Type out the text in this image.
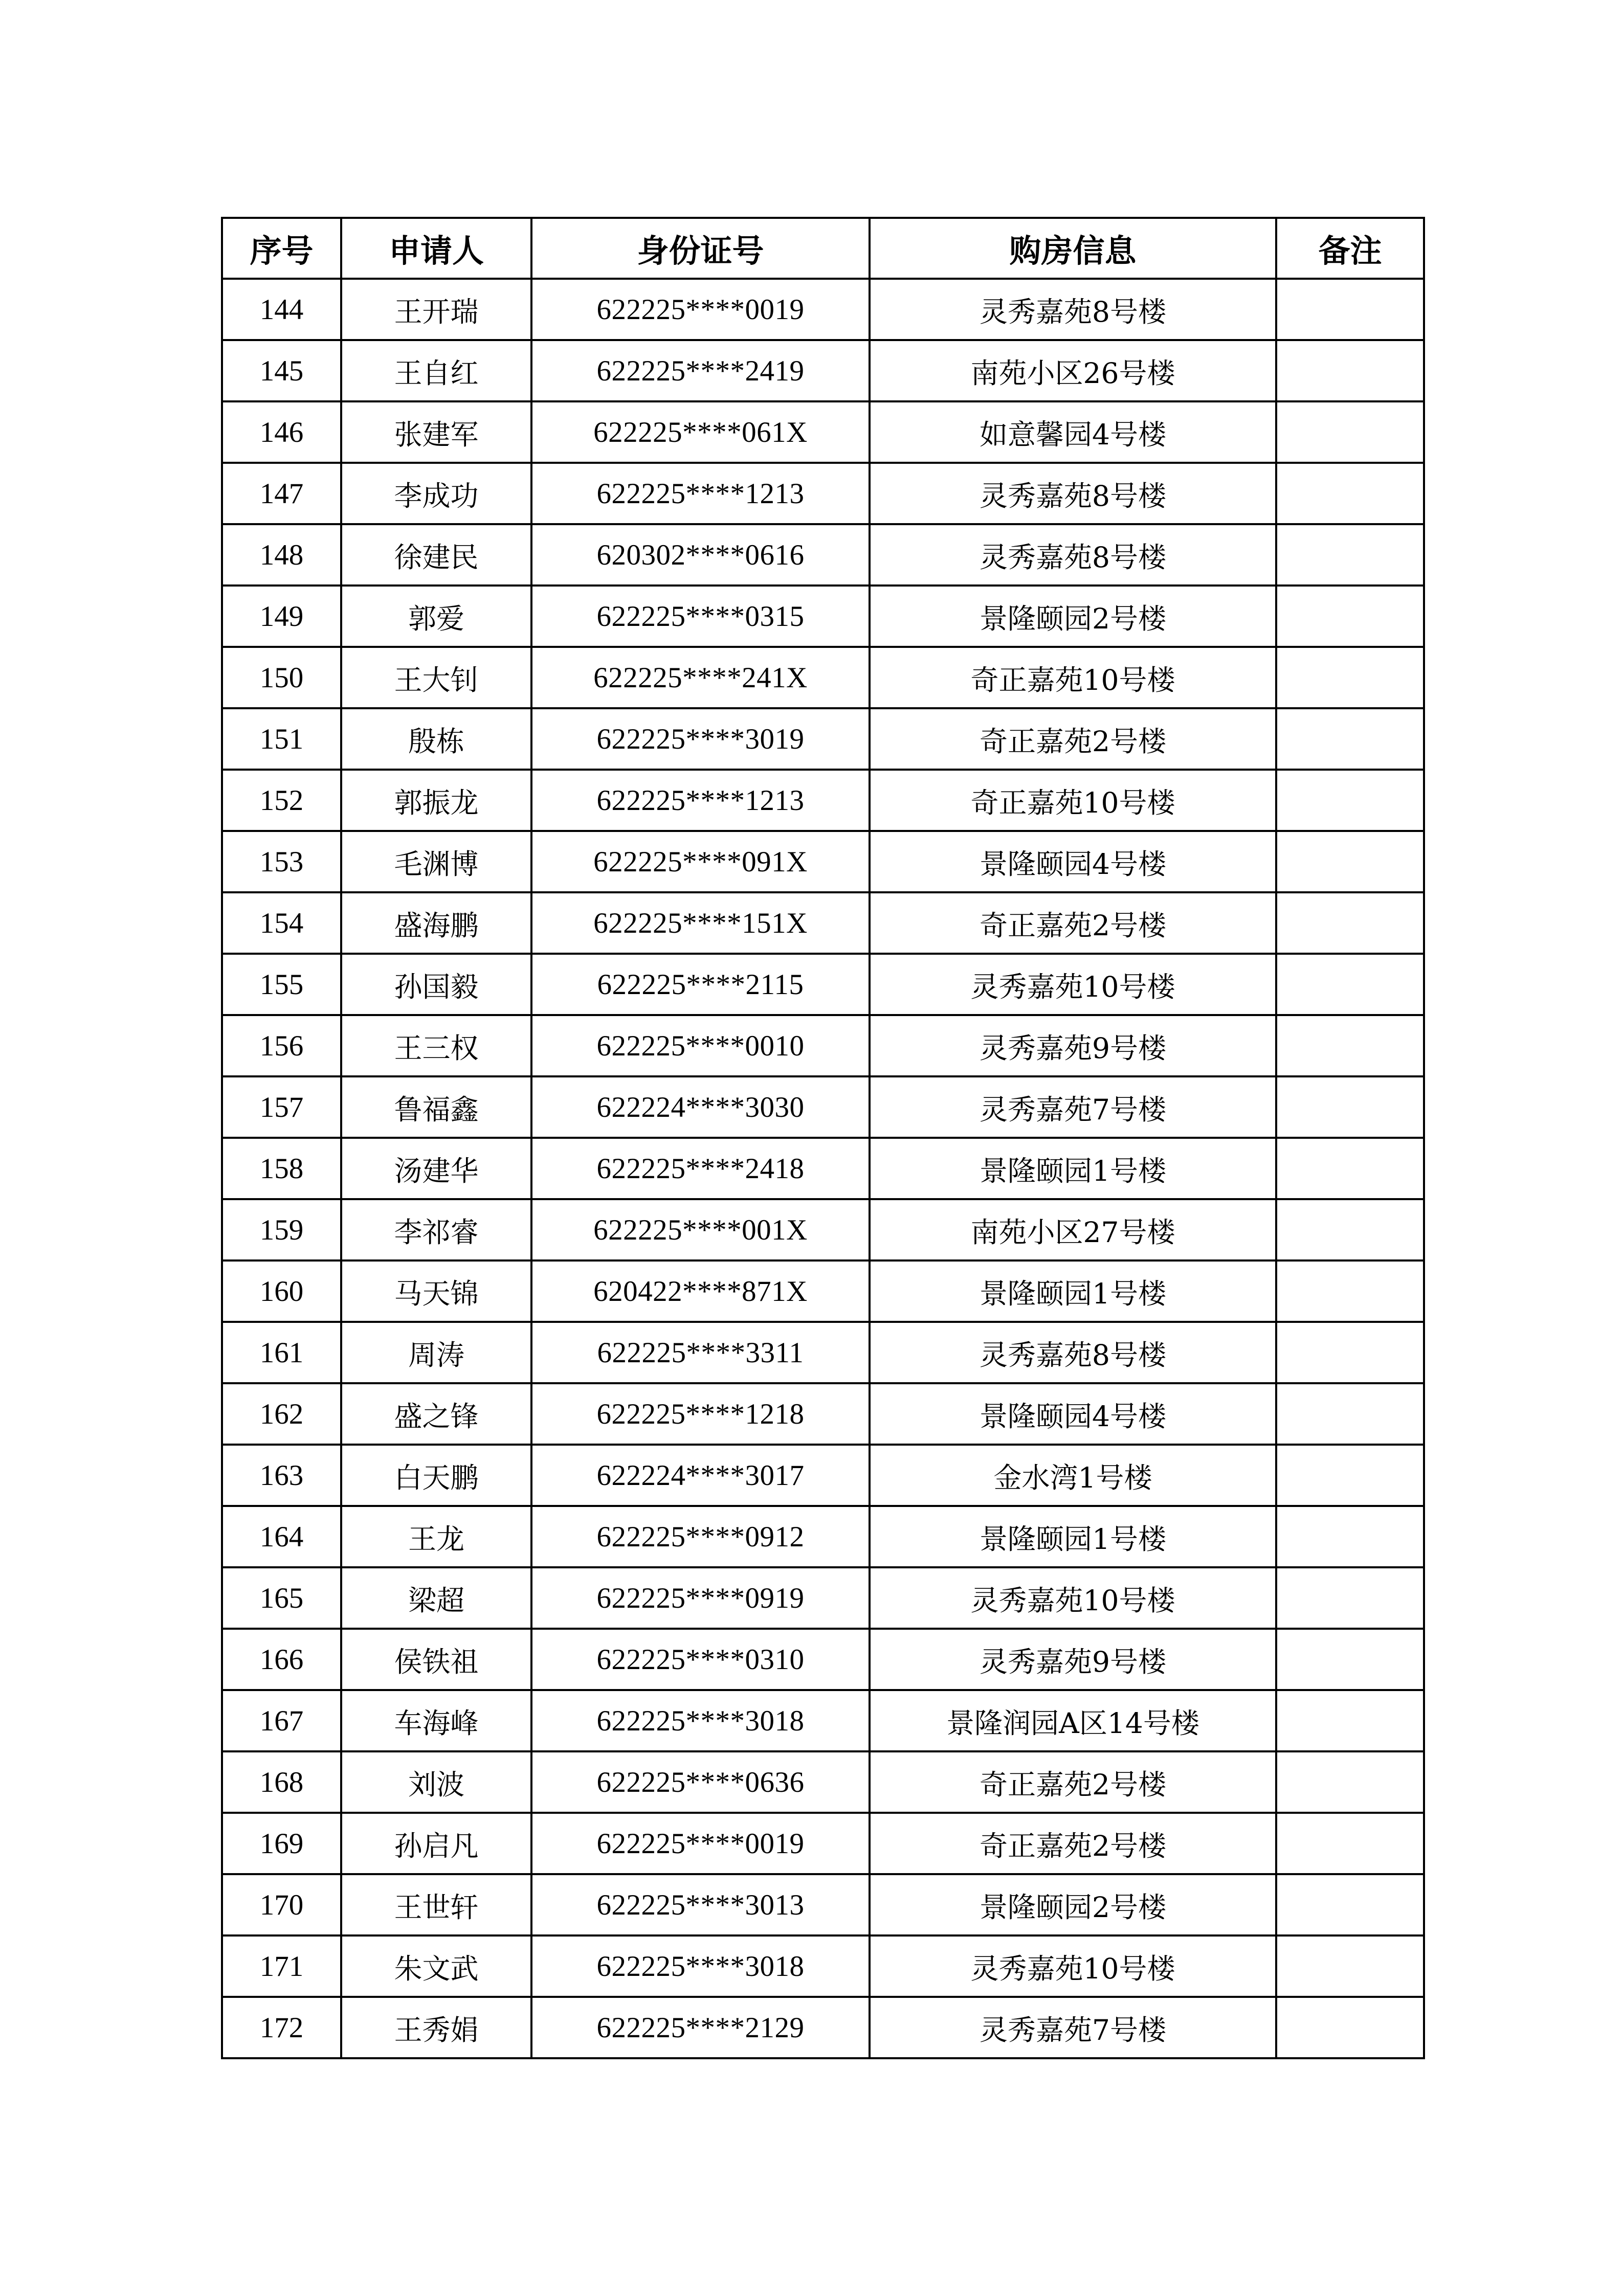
序号	申请人	身份证号	购房信息	备注
144	王开瑞	622225****0019	灵秀嘉苑8号楼	
145	王自红	622225****2419	南苑小区26号楼	
146	张建军	622225****061X	如意馨园4号楼	
147	李成功	622225****1213	灵秀嘉苑8号楼	
148	徐建民	620302****0616	灵秀嘉苑8号楼	
149	郭爱	622225****0315	景隆颐园2号楼	
150	王大钊	622225****241X	奇正嘉苑10号楼	
151	殷栋	622225****3019	奇正嘉苑2号楼	
152	郭振龙	622225****1213	奇正嘉苑10号楼	
153	毛渊博	622225****091X	景隆颐园4号楼	
154	盛海鹏	622225****151X	奇正嘉苑2号楼	
155	孙国毅	622225****2115	灵秀嘉苑10号楼	
156	王三权	622225****0010	灵秀嘉苑9号楼	
157	鲁福鑫	622224****3030	灵秀嘉苑7号楼	
158	汤建华	622225****2418	景隆颐园1号楼	
159	李祁睿	622225****001X	南苑小区27号楼	
160	马天锦	620422****871X	景隆颐园1号楼	
161	周涛	622225****3311	灵秀嘉苑8号楼	
162	盛之锋	622225****1218	景隆颐园4号楼	
163	白天鹏	622224****3017	金水湾1号楼	
164	王龙	622225****0912	景隆颐园1号楼	
165	梁超	622225****0919	灵秀嘉苑10号楼	
166	侯铁祖	622225****0310	灵秀嘉苑9号楼	
167	车海峰	622225****3018	景隆润园A区14号楼	
168	刘波	622225****0636	奇正嘉苑2号楼	
169	孙启凡	622225****0019	奇正嘉苑2号楼	
170	王世轩	622225****3013	景隆颐园2号楼	
171	朱文武	622225****3018	灵秀嘉苑10号楼	
172	王秀娟	622225****2129	灵秀嘉苑7号楼	
